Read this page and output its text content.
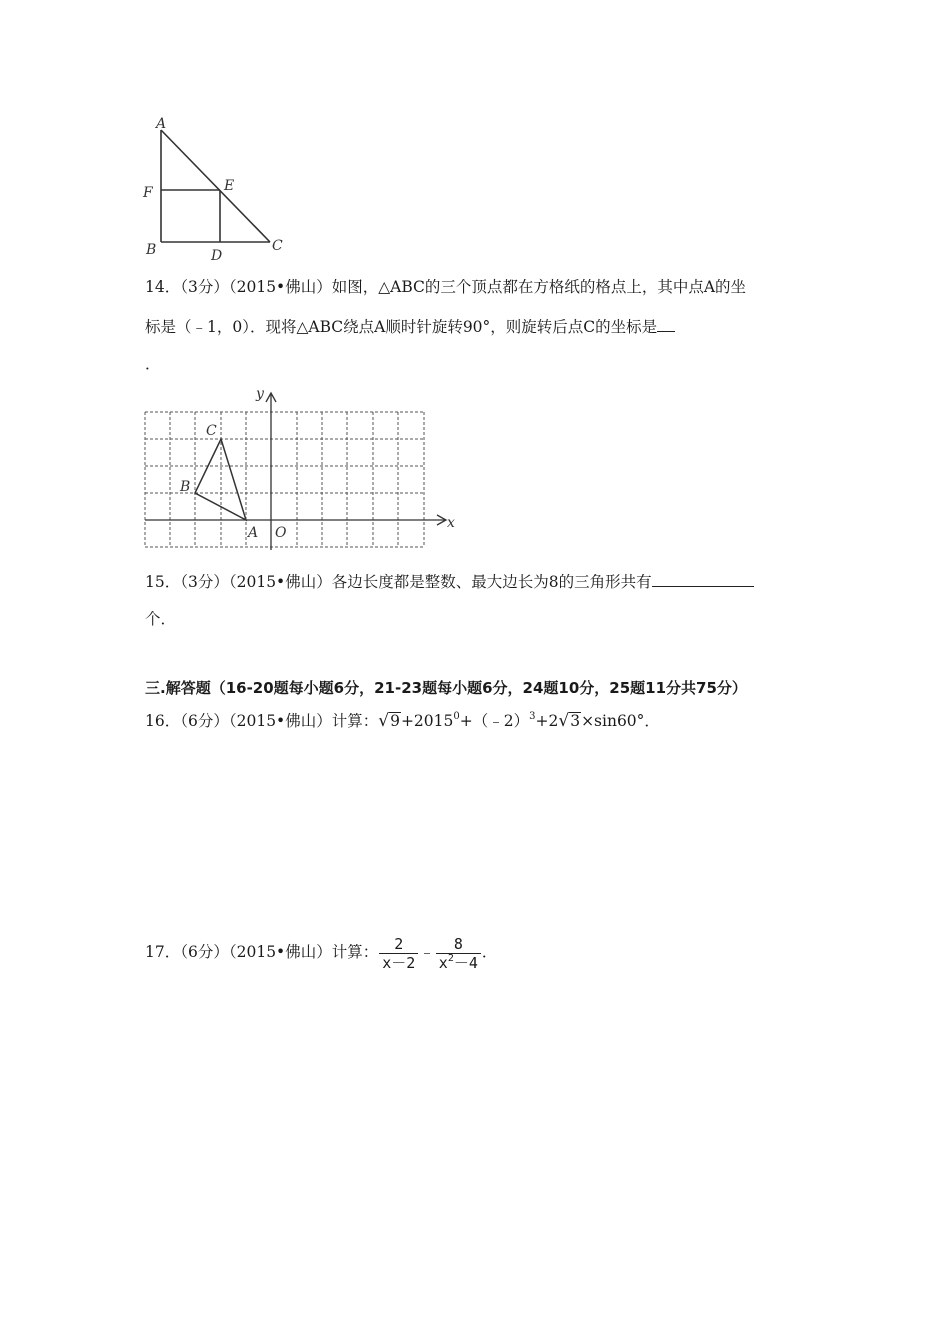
A
F	E
B	D
C
14．（3分）（2015•佛山）如图，△ABC的三个顶点都在方格纸的格点上，其中点A的坐
标是（﹣1，0）．现将△ABC绕点A顺时针旋转90°，则旋转后点C的坐标是
．
y
x
C
B
A O
15．（3分）（2015•佛山）各边长度都是整数、最大边长为8的三角形共有
个．
三.解答题（16-20题每小题6分，21-23题每小题6分，24题10分，25题11分共75分）
16．（6分）（2015•佛山）计算：$√9+2015^0+(﹣2)^3+2√3\times\sin 60^\circ$．
17．（6分）（2015•佛山）计算： $\frac{2}{x-2}$ ﹣ $\frac{8}{x^2-4}$ ．
